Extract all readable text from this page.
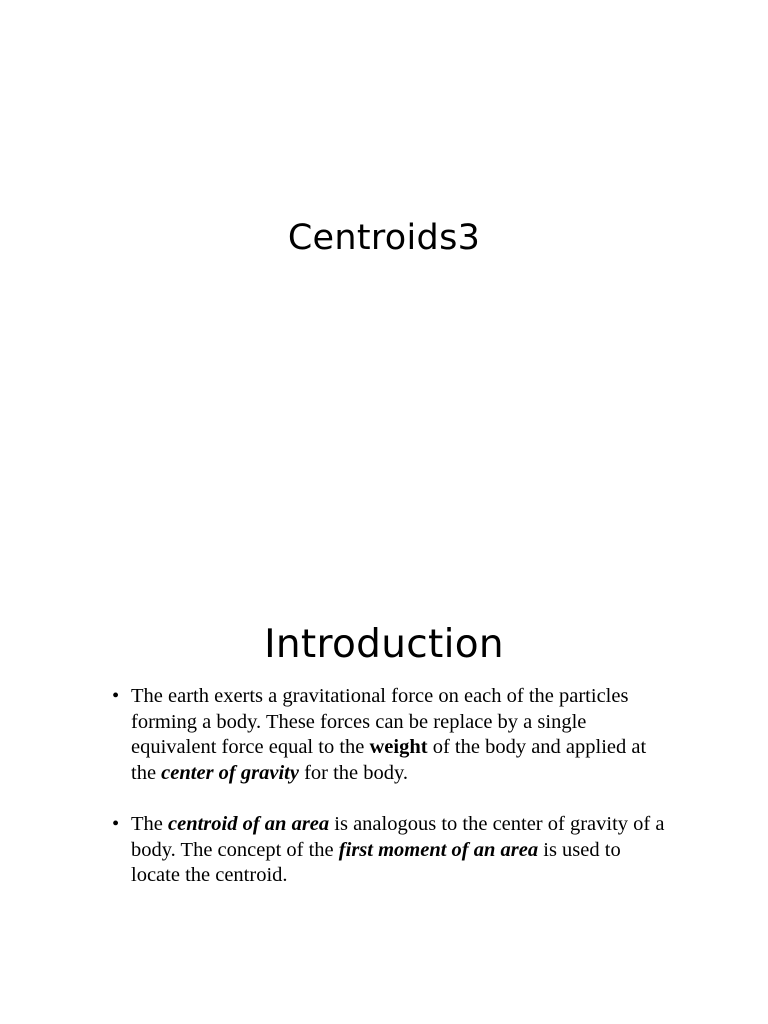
Centroids3
Introduction
• The earth exerts a gravitational force on each of the particles forming a body. These forces can be replace by a single equivalent force equal to the weight of the body and applied at the center of gravity for the body.
• The centroid of an area is analogous to the center of gravity of a body. The concept of the first moment of an area is used to locate the centroid.
